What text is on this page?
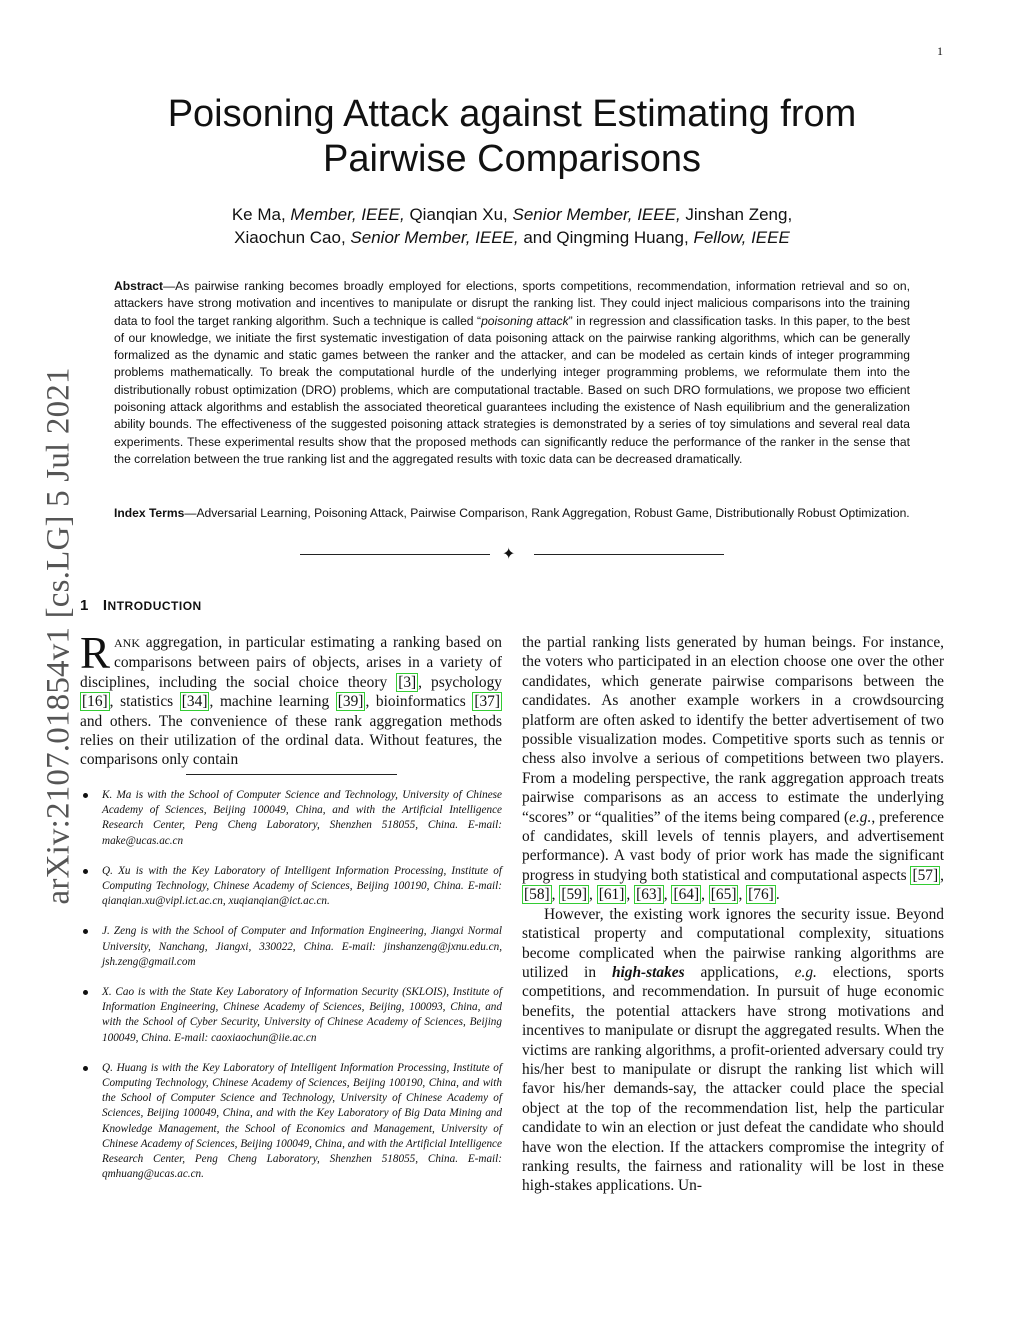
1
arXiv:2107.01854v1 [cs.LG] 5 Jul 2021
Poisoning Attack against Estimating from
Pairwise Comparisons
Ke Ma, Member, IEEE, Qianqian Xu, Senior Member, IEEE, Jinshan Zeng,
Xiaochun Cao, Senior Member, IEEE, and Qingming Huang, Fellow, IEEE
Abstract—As pairwise ranking becomes broadly employed for elections, sports competitions, recommendation, information retrieval and so on, attackers have strong motivation and incentives to manipulate or disrupt the ranking list. They could inject malicious comparisons into the training data to fool the target ranking algorithm. Such a technique is called “poisoning attack” in regression and classification tasks. In this paper, to the best of our knowledge, we initiate the first systematic investigation of data poisoning attack on the pairwise ranking algorithms, which can be generally formalized as the dynamic and static games between the ranker and the attacker, and can be modeled as certain kinds of integer programming problems mathematically. To break the computational hurdle of the underlying integer programming problems, we reformulate them into the distributionally robust optimization (DRO) problems, which are computational tractable. Based on such DRO formulations, we propose two efficient poisoning attack algorithms and establish the associated theoretical guarantees including the existence of Nash equilibrium and the generalization ability bounds. The effectiveness of the suggested poisoning attack strategies is demonstrated by a series of toy simulations and several real data experiments. These experimental results show that the proposed methods can significantly reduce the performance of the ranker in the sense that the correlation between the true ranking list and the aggregated results with toxic data can be decreased dramatically.
Index Terms—Adversarial Learning, Poisoning Attack, Pairwise Comparison, Rank Aggregation, Robust Game, Distributionally Robust Optimization.
✦
1 INTRODUCTION

RANK aggregation, in particular estimating a ranking based on comparisons between pairs of objects, arises in a variety of disciplines, including the social choice theory [3] , psychology [16] , statistics [34] , machine learning [39] , bioinformatics [37] and others. The convenience of these rank aggregation methods relies on their utilization of the ordinal data. Without features, the comparisons only contain

K. Ma is with the School of Computer Science and Technology, University of Chinese Academy of Sciences, Beijing 100049, China, and with the Artificial Intelligence Research Center, Peng Cheng Laboratory, Shenzhen 518055, China. E-mail: make@ucas.ac.cn
Q. Xu is with the Key Laboratory of Intelligent Information Processing, Institute of Computing Technology, Chinese Academy of Sciences, Beijing 100190, China. E-mail: qianqian.xu@vipl.ict.ac.cn, xuqianqian@ict.ac.cn.
J. Zeng is with the School of Computer and Information Engineering, Jiangxi Normal University, Nanchang, Jiangxi, 330022, China. E-mail: jinshanzeng@jxnu.edu.cn, jsh.zeng@gmail.com
X. Cao is with the State Key Laboratory of Information Security (SKLOIS), Institute of Information Engineering, Chinese Academy of Sciences, Beijing, 100093, China, and with the School of Cyber Security, University of Chinese Academy of Sciences, Beijing 100049, China. E-mail: caoxiaochun@iie.ac.cn
Q. Huang is with the Key Laboratory of Intelligent Information Processing, Institute of Computing Technology, Chinese Academy of Sciences, Beijing 100190, China, and with the School of Computer Science and Technology, University of Chinese Academy of Sciences, Beijing 100049, China, and with the Key Laboratory of Big Data Mining and Knowledge Management, the School of Economics and Management, University of Chinese Academy of Sciences, Beijing 100049, China, and with the Artificial Intelligence Research Center, Peng Cheng Laboratory, Shenzhen 518055, China. E-mail: qmhuang@ucas.ac.cn.

the partial ranking lists generated by human beings. For instance, the voters who participated in an election choose one over the other candidates, which generate pairwise comparisons between the candidates. As another example workers in a crowdsourcing platform are often asked to identify the better advertisement of two possible visualization modes. Competitive sports such as tennis or chess also involve a serious of competitions between two players. From a modeling perspective, the rank aggregation approach treats pairwise comparisons as an access to estimate the underlying “scores” or “qualities” of the items being compared (e.g., preference of candidates, skill levels of tennis players, and advertisement performance). A vast body of prior work has made the significant progress in studying both statistical and computational aspects [57] , [58] , [59] , [61] , [63] , [64] , [65] , [76] .

However, the existing work ignores the security issue. Beyond statistical property and computational complexity, situations become complicated when the pairwise ranking algorithms are utilized in high-stakes applications, e.g. elections, sports competitions, and recommendation. In pursuit of huge economic benefits, the potential attackers have strong motivations and incentives to manipulate or disrupt the aggregated results. When the victims are ranking algorithms, a profit-oriented adversary could try his/her best to manipulate or disrupt the ranking list which will favor his/her demands-say, the attacker could place the special object at the top of the recommendation list, help the particular candidate to win an election or just defeat the candidate who should have won the election. If the attackers compromise the integrity of ranking results, the fairness and rationality will be lost in these high-stakes applications. Un-
